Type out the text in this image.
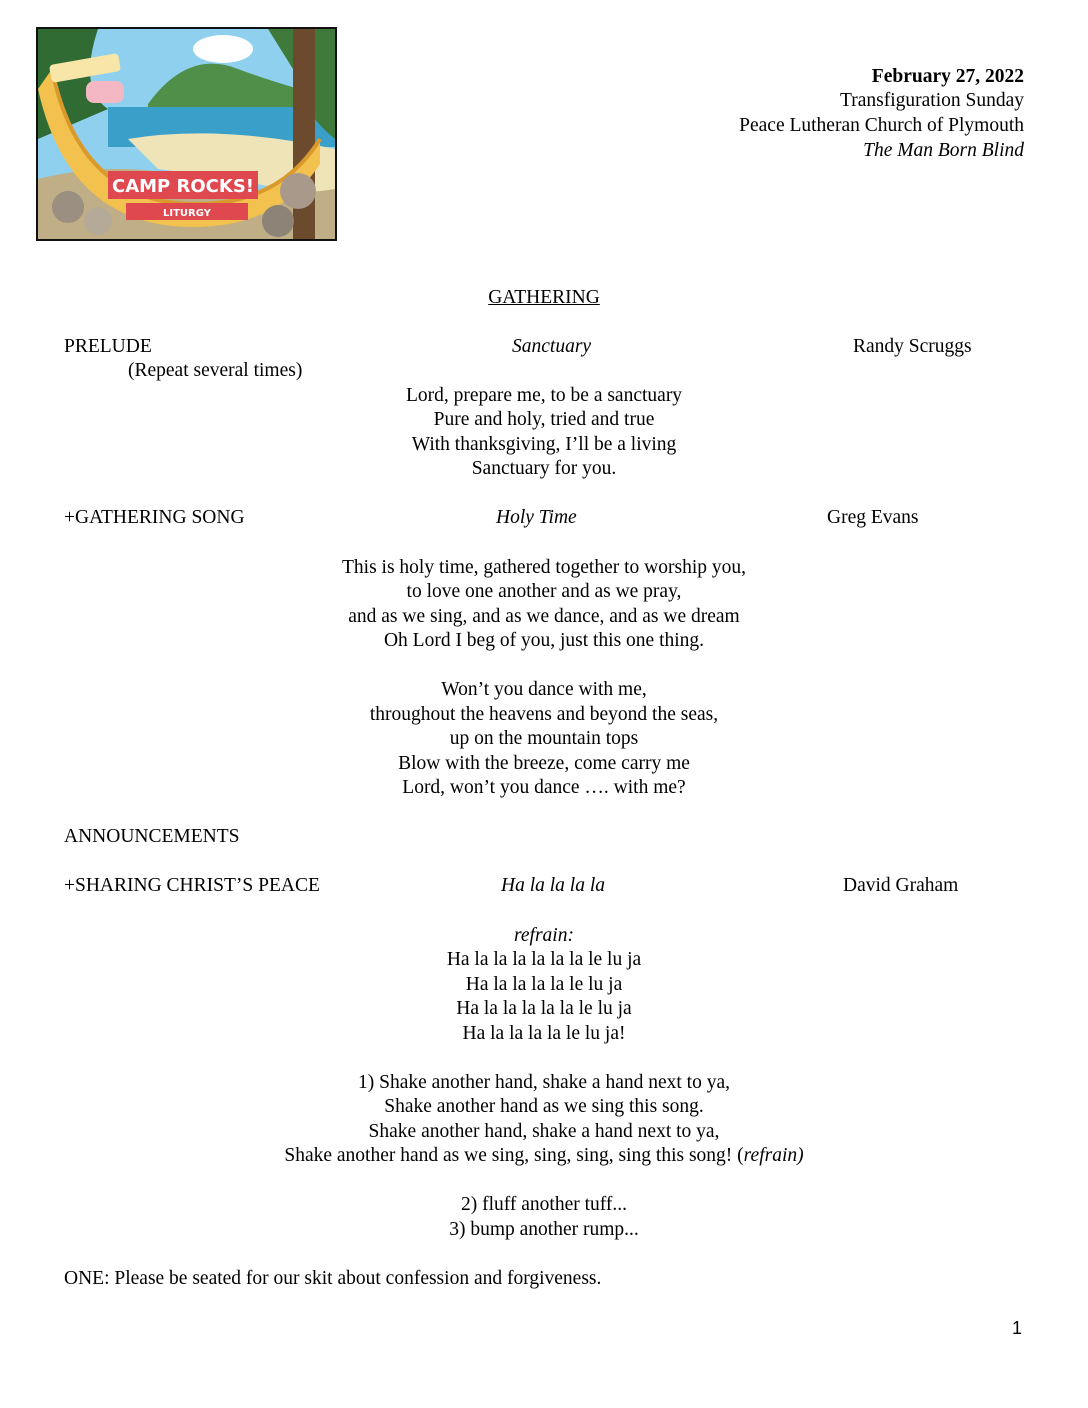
CAMP ROCKS!
LITURGY
February 27, 2022
Transfiguration Sunday
Peace Lutheran Church of Plymouth
The Man Born Blind
GATHERING
PRELUDE	Sanctuary	Randy Scruggs
(Repeat several times)
Lord, prepare me, to be a sanctuary
Pure and holy, tried and true
With thanksgiving, I’ll be a living
Sanctuary for you.
+GATHERING SONG	Holy Time	Greg Evans
This is holy time, gathered together to worship you,
to love one another and as we pray,
and as we sing, and as we dance, and as we dream
Oh Lord I beg of you, just this one thing.
Won’t you dance with me,
throughout the heavens and beyond the seas,
up on the mountain tops
Blow with the breeze, come carry me
Lord, won’t you dance …. with me?
ANNOUNCEMENTS
+SHARING CHRIST’S PEACE	Ha la la la la	David Graham
refrain:
Ha la la la la la la le lu ja
Ha la la la la le lu ja
Ha la la la la la le lu ja
Ha la la la la le lu ja!
1) Shake another hand, shake a hand next to ya,
Shake another hand as we sing this song.
Shake another hand, shake a hand next to ya,
Shake another hand as we sing, sing, sing, sing this song! (refrain)
2) fluff another tuff...
3) bump another rump...
ONE: Please be seated for our skit about confession and forgiveness.
1
